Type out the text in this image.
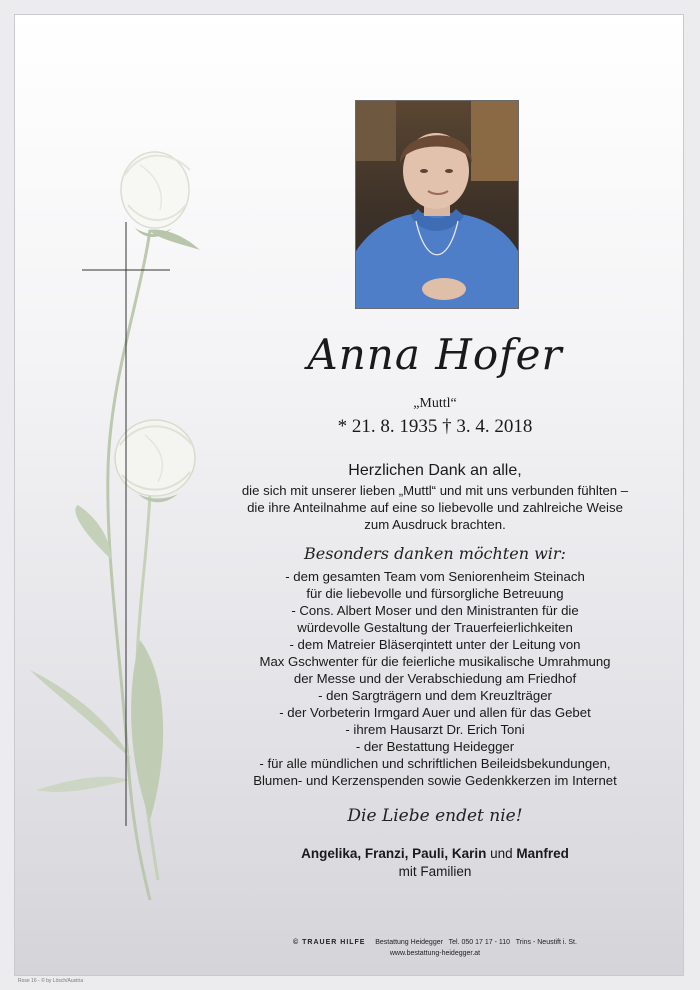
Anna Hofer
„Muttl“
* 21. 8. 1935 † 3. 4. 2018
Herzlichen Dank an alle,
die sich mit unserer lieben „Muttl“ und mit uns verbunden fühlten –
die ihre Anteilnahme auf eine so liebevolle und zahlreiche Weise
zum Ausdruck brachten.
Besonders danken möchten wir:
- dem gesamten Team vom Seniorenheim Steinach
für die liebevolle und fürsorgliche Betreuung
- Cons. Albert Moser und den Ministranten für die
würdevolle Gestaltung der Trauerfeierlichkeiten
- dem Matreier Bläserqintett unter der Leitung von
Max Gschwenter für die feierliche musikalische Umrahmung
der Messe und der Verabschiedung am Friedhof
- den Sargträgern und dem Kreuzlträger
- der Vorbeterin Irmgard Auer und allen für das Gebet
- ihrem Hausarzt Dr. Erich Toni
- der Bestattung Heidegger
- für alle mündlichen und schriftlichen Beileidsbekundungen,
Blumen- und Kerzenspenden sowie Gedenkkerzen im Internet
Die Liebe endet nie!
Angelika, Franzi, Pauli, Karin und Manfred
mit Familien
© TRAUER HILFE Bestattung Heidegger Tel. 050 17 17 - 110 Trins - Neustift i. St.
www.bestattung-heidegger.at
Rose 16 - © by Lösch/Austria
